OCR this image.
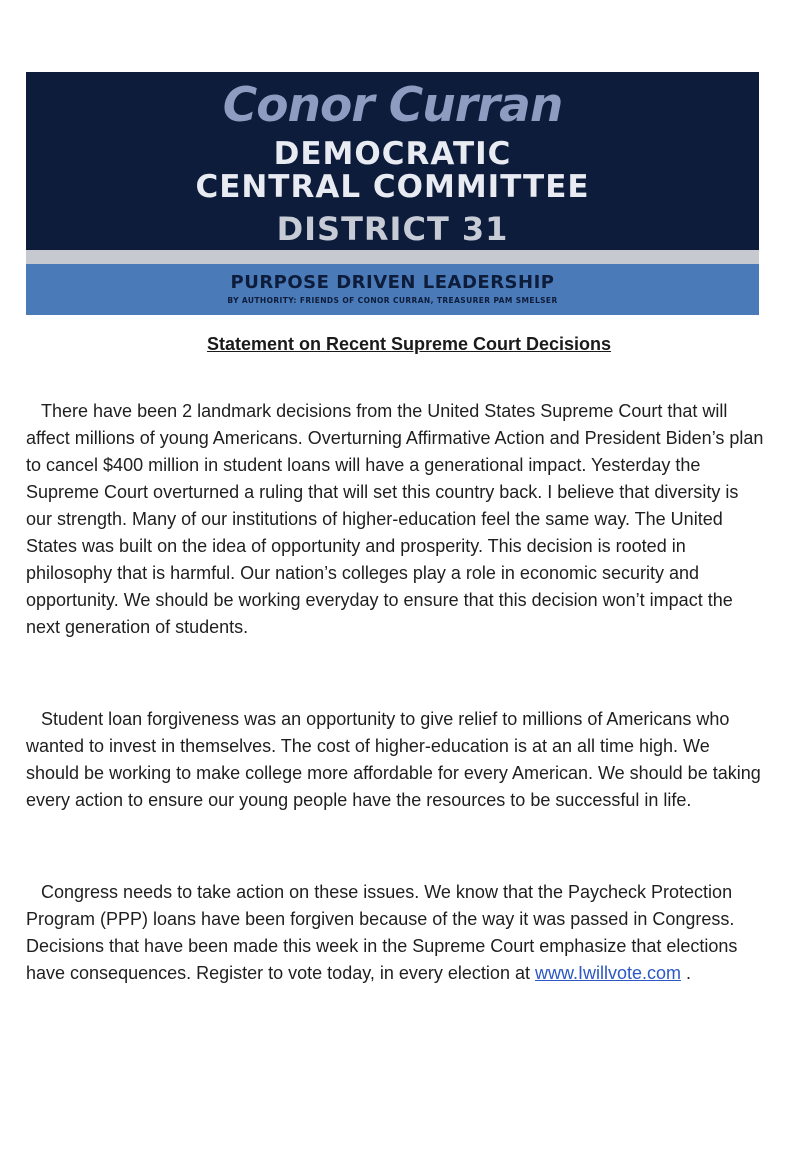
Conor Curran
DEMOCRATIC
CENTRAL COMMITTEE
DISTRICT 31
PURPOSE DRIVEN LEADERSHIP
BY AUTHORITY: FRIENDS OF CONOR CURRAN, TREASURER PAM SMELSER
Statement on Recent Supreme Court Decisions

There have been 2 landmark decisions from the United States Supreme Court that will affect millions of young Americans. Overturning Affirmative Action and President Biden’s plan to cancel $400 million in student loans will have a generational impact. Yesterday the Supreme Court overturned a ruling that will set this country back. I believe that diversity is our strength. Many of our institutions of higher-education feel the same way. The United States was built on the idea of opportunity and prosperity. This decision is rooted in philosophy that is harmful. Our nation’s colleges play a role in economic security and opportunity. We should be working everyday to ensure that this decision won’t impact the next generation of students.

Student loan forgiveness was an opportunity to give relief to millions of Americans who wanted to invest in themselves. The cost of higher-education is at an all time high. We should be working to make college more affordable for every American. We should be taking every action to ensure our young people have the resources to be successful in life.

Congress needs to take action on these issues. We know that the Paycheck Protection Program (PPP) loans have been forgiven because of the way it was passed in Congress. Decisions that have been made this week in the Supreme Court emphasize that elections have consequences. Register to vote today, in every election at www.Iwillvote.com .
